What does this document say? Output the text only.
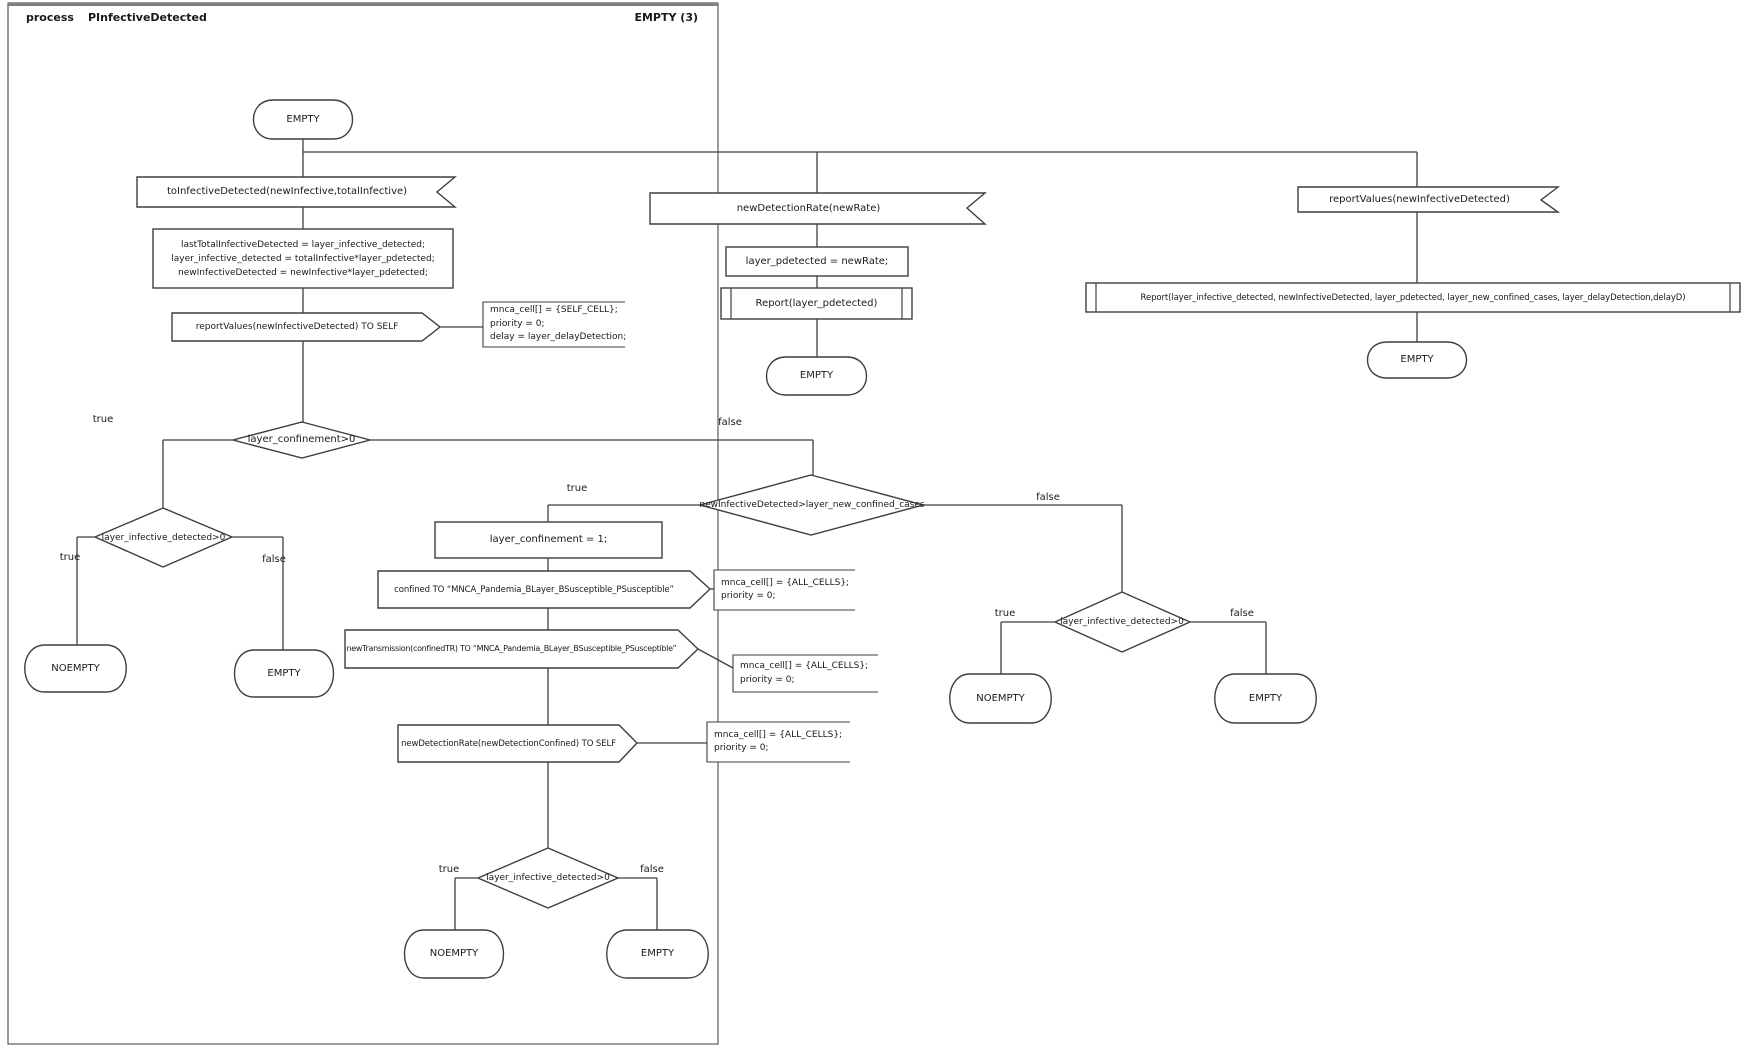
process	PInfectiveDetected	EMPTY (3)
EMPTY
toInfectiveDetected(newInfective,totalInfective)
lastTotalInfectiveDetected = layer_infective_detected;
layer_infective_detected = totalInfective*layer_pdetected;
newInfectiveDetected = newInfective*layer_pdetected;
reportValues(newInfectiveDetected) TO SELF
mnca_cell[] = {SELF_CELL};
priority = 0;
delay = layer_delayDetection;
layer_confinement>0
true	false
layer_infective_detected>0
true	false
NOEMPTY	EMPTY
newDetectionRate(newRate)
layer_pdetected = newRate;
Report(layer_pdetected)
EMPTY
reportValues(newInfectiveDetected)
Report(layer_infective_detected, newInfectiveDetected, layer_pdetected, layer_new_confined_cases, layer_delayDetection,delayD)
EMPTY
newInfectiveDetected>layer_new_confined_cases
true
false
layer_confinement = 1;
confined TO “MNCA_Pandemia_BLayer_BSusceptible_PSusceptible”
mnca_cell[] = {ALL_CELLS};
priority = 0;
newTransmission(confinedTR) TO “MNCA_Pandemia_BLayer_BSusceptible_PSusceptible”
mnca_cell[] = {ALL_CELLS};
priority = 0;
newDetectionRate(newDetectionConfined) TO SELF
mnca_cell[] = {ALL_CELLS};
priority = 0;
layer_infective_detected>0
true	false
NOEMPTY	EMPTY
layer_infective_detected>0
true	false
NOEMPTY	EMPTY
